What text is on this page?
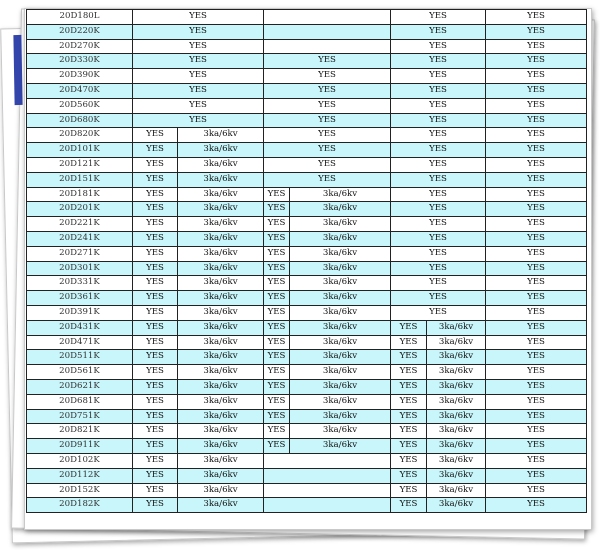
20D180L	YES				YES		YES
20D220K	YES				YES		YES
20D270K	YES				YES		YES
20D330K	YES		YES		YES		YES
20D390K	YES		YES		YES		YES
20D470K	YES		YES		YES		YES
20D560K	YES		YES		YES		YES
20D680K	YES		YES		YES		YES
20D820K	YES	3ka/6kv	YES		YES		YES
20D101K	YES	3ka/6kv	YES		YES		YES
20D121K	YES	3ka/6kv	YES		YES		YES
20D151K	YES	3ka/6kv	YES		YES		YES
20D181K	YES	3ka/6kv	YES	3ka/6kv	YES		YES
20D201K	YES	3ka/6kv	YES	3ka/6kv	YES		YES
20D221K	YES	3ka/6kv	YES	3ka/6kv	YES		YES
20D241K	YES	3ka/6kv	YES	3ka/6kv	YES		YES
20D271K	YES	3ka/6kv	YES	3ka/6kv	YES		YES
20D301K	YES	3ka/6kv	YES	3ka/6kv	YES		YES
20D331K	YES	3ka/6kv	YES	3ka/6kv	YES		YES
20D361K	YES	3ka/6kv	YES	3ka/6kv	YES		YES
20D391K	YES	3ka/6kv	YES	3ka/6kv	YES		YES
20D431K	YES	3ka/6kv	YES	3ka/6kv	YES	3ka/6kv	YES
20D471K	YES	3ka/6kv	YES	3ka/6kv	YES	3ka/6kv	YES
20D511K	YES	3ka/6kv	YES	3ka/6kv	YES	3ka/6kv	YES
20D561K	YES	3ka/6kv	YES	3ka/6kv	YES	3ka/6kv	YES
20D621K	YES	3ka/6kv	YES	3ka/6kv	YES	3ka/6kv	YES
20D681K	YES	3ka/6kv	YES	3ka/6kv	YES	3ka/6kv	YES
20D751K	YES	3ka/6kv	YES	3ka/6kv	YES	3ka/6kv	YES
20D821K	YES	3ka/6kv	YES	3ka/6kv	YES	3ka/6kv	YES
20D911K	YES	3ka/6kv	YES	3ka/6kv	YES	3ka/6kv	YES
20D102K	YES	3ka/6kv			YES	3ka/6kv	YES
20D112K	YES	3ka/6kv			YES	3ka/6kv	YES
20D152K	YES	3ka/6kv			YES	3ka/6kv	YES
20D182K	YES	3ka/6kv			YES	3ka/6kv	YES
